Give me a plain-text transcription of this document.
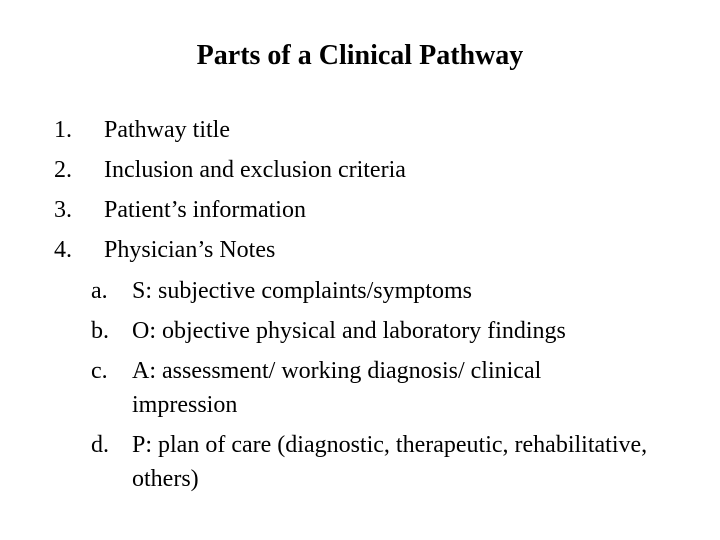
Parts of a Clinical Pathway
1. Pathway title
2. Inclusion and exclusion criteria
3. Patient’s information
4. Physician’s Notes
a. S: subjective complaints/symptoms
b. O: objective physical and laboratory findings
c. A: assessment/ working diagnosis/ clinical impression
d. P: plan of care (diagnostic, therapeutic, rehabilitative, others)
